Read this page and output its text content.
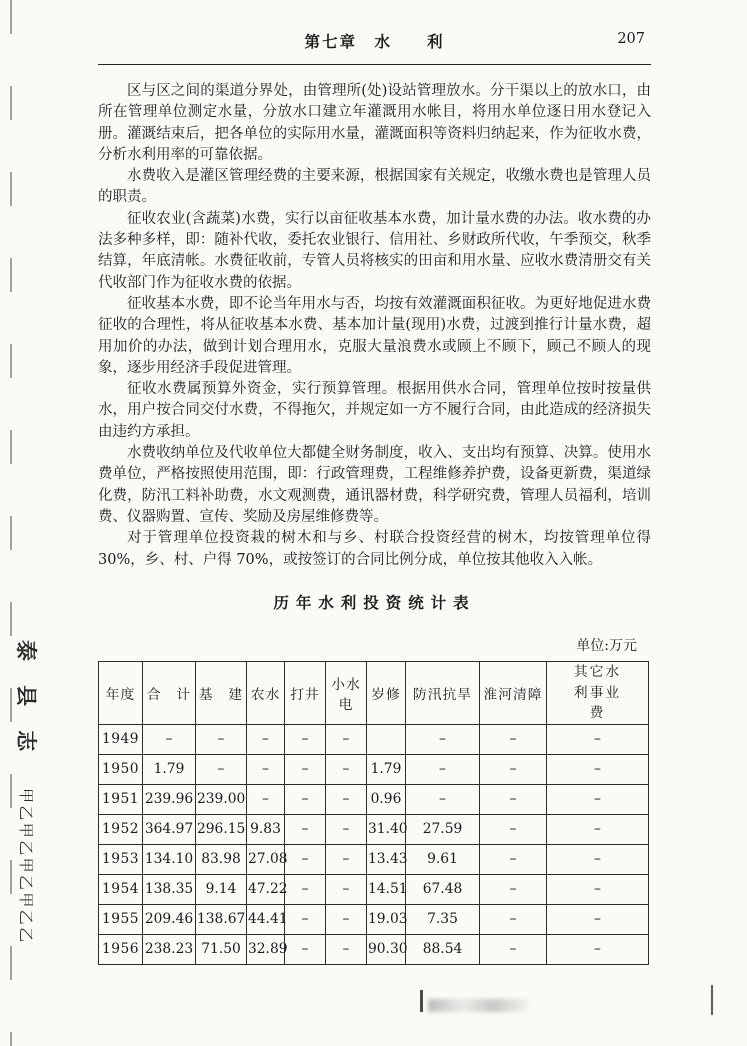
泰县志
甲乙甲乙甲乙甲乙乙
第七章　水　　利	207

区与区之间的渠道分界处，由管理所(处)设站管理放水。分干渠以上的放水口，由所在管理单位测定水量，分放水口建立年灌溉用水帐目，将用水单位逐日用水登记入册。灌溉结束后，把各单位的实际用水量，灌溉面积等资料归纳起来，作为征收水费，分析水利用率的可靠依据。

水费收入是灌区管理经费的主要来源，根据国家有关规定，收缴水费也是管理人员的职责。

征收农业(含蔬菜)水费，实行以亩征收基本水费，加计量水费的办法。收水费的办法多种多样，即：随补代收，委托农业银行、信用社、乡财政所代收，午季预交，秋季结算，年底清帐。水费征收前，专管人员将核实的田亩和用水量、应收水费清册交有关代收部门作为征收水费的依据。

征收基本水费，即不论当年用水与否，均按有效灌溉面积征收。为更好地促进水费征收的合理性，将从征收基本水费、基本加计量(现用)水费，过渡到推行计量水费，超用加价的办法，做到计划合理用水，克服大量浪费水或顾上不顾下，顾己不顾人的现象，逐步用经济手段促进管理。

征收水费属预算外资金，实行预算管理。根据用供水合同，管理单位按时按量供水，用户按合同交付水费，不得拖欠，并规定如一方不履行合同，由此造成的经济损失由违约方承担。

水费收纳单位及代收单位大都健全财务制度，收入、支出均有预算、决算。使用水费单位，严格按照使用范围，即：行政管理费，工程维修养护费，设备更新费，渠道绿化费，防汛工料补助费，水文观测费，通讯器材费，科学研究费，管理人员福利，培训费、仪器购置、宣传、奖励及房屋维修费等。

对于管理单位投资栽的树木和与乡、村联合投资经营的树木，均按管理单位得 30%，乡、村、户得 70%，或按签订的合同比例分成，单位按其他收入入帐。

历年水利投资统计表
单位:万元
年度	合　计	基　建	农水	打井	小水电	岁修	防汛抗旱	淮河清障	其它水利事业费
1949	–	–	–	–	–		–	–	–
1950	1.79	–	–	–	–	1.79	–	–	–
1951	239.96	239.00	–	–	–	0.96	–	–	–
1952	364.97	296.15	9.83	–	–	31.40	27.59	–	–
1953	134.10	83.98	27.08	–	–	13.43	9.61	–	–
1954	138.35	9.14	47.22	–	–	14.51	67.48	–	–
1955	209.46	138.67	44.41	–	–	19.03	7.35	–	–
1956	238.23	71.50	32.89	–	–	90.30	88.54	–	–
